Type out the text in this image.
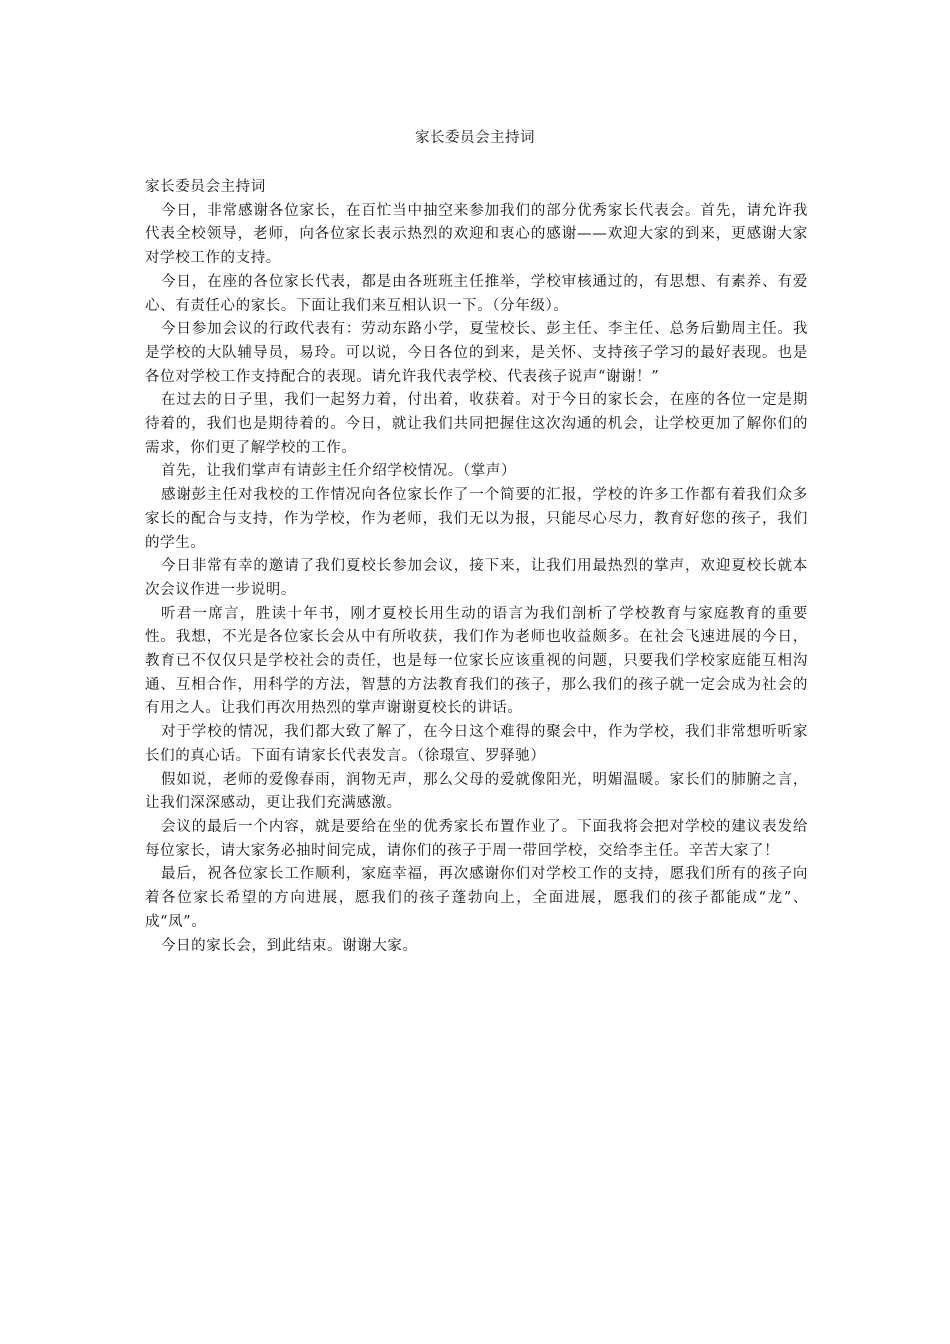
家长委员会主持词

家长委员会主持词

今日，非常感谢各位家长，在百忙当中抽空来参加我们的部分优秀家长代表会。首先，请允许我代表全校领导，老师，向各位家长表示热烈的欢迎和衷心的感谢——欢迎大家的到来，更感谢大家对学校工作的支持。

今日，在座的各位家长代表，都是由各班班主任推举，学校审核通过的，有思想、有素养、有爱心、有责任心的家长。下面让我们来互相认识一下。（分年级）。

今日参加会议的行政代表有：劳动东路小学，夏莹校长、彭主任、李主任、总务后勤周主任。我是学校的大队辅导员，易玲。可以说，今日各位的到来，是关怀、支持孩子学习的最好表现。也是各位对学校工作支持配合的表现。请允许我代表学校、代表孩子说声“谢谢！”

在过去的日子里，我们一起努力着，付出着，收获着。对于今日的家长会，在座的各位一定是期待着的，我们也是期待着的。今日，就让我们共同把握住这次沟通的机会，让学校更加了解你们的需求，你们更了解学校的工作。

首先，让我们掌声有请彭主任介绍学校情况。（掌声）

感谢彭主任对我校的工作情况向各位家长作了一个简要的汇报，学校的许多工作都有着我们众多家长的配合与支持，作为学校，作为老师，我们无以为报，只能尽心尽力，教育好您的孩子，我们的学生。

今日非常有幸的邀请了我们夏校长参加会议，接下来，让我们用最热烈的掌声，欢迎夏校长就本次会议作进一步说明。

听君一席言，胜读十年书，刚才夏校长用生动的语言为我们剖析了学校教育与家庭教育的重要性。我想，不光是各位家长会从中有所收获，我们作为老师也收益颇多。在社会飞速进展的今日，教育已不仅仅只是学校社会的责任，也是每一位家长应该重视的问题，只要我们学校家庭能互相沟通、互相合作，用科学的方法，智慧的方法教育我们的孩子，那么我们的孩子就一定会成为社会的有用之人。让我们再次用热烈的掌声谢谢夏校长的讲话。

对于学校的情况，我们都大致了解了，在今日这个难得的聚会中，作为学校，我们非常想听听家长们的真心话。下面有请家长代表发言。（徐璟宣、罗驿驰）

假如说，老师的爱像春雨，润物无声，那么父母的爱就像阳光，明媚温暖。家长们的肺腑之言，让我们深深感动，更让我们充满感激。

会议的最后一个内容，就是要给在坐的优秀家长布置作业了。下面我将会把对学校的建议表发给每位家长，请大家务必抽时间完成，请你们的孩子于周一带回学校，交给李主任。辛苦大家了！

最后，祝各位家长工作顺利，家庭幸福，再次感谢你们对学校工作的支持，愿我们所有的孩子向着各位家长希望的方向进展，愿我们的孩子蓬勃向上，全面进展，愿我们的孩子都能成“龙”、成“凤”。

今日的家长会，到此结束。谢谢大家。
